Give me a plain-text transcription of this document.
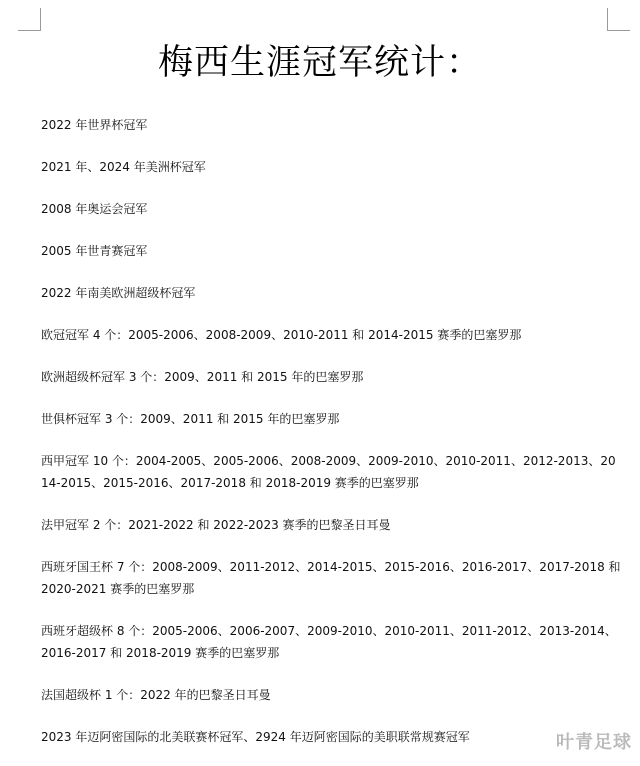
梅西生涯冠军统计：
2022 年世界杯冠军
2021 年、2024 年美洲杯冠军
2008 年奥运会冠军
2005 年世青赛冠军
2022 年南美欧洲超级杯冠军
欧冠冠军 4 个：2005-2006、2008-2009、2010-2011 和 2014-2015 赛季的巴塞罗那
欧洲超级杯冠军 3 个：2009、2011 和 2015 年的巴塞罗那
世俱杯冠军 3 个：2009、2011 和 2015 年的巴塞罗那
西甲冠军 10 个：2004-2005、2005-2006、2008-2009、2009-2010、2010-2011、2012-2013、2014-2015、2015-2016、2017-2018 和 2018-2019 赛季的巴塞罗那
法甲冠军 2 个：2021-2022 和 2022-2023 赛季的巴黎圣日耳曼
西班牙国王杯 7 个：2008-2009、2011-2012、2014-2015、2015-2016、2016-2017、2017-2018 和 2020-2021 赛季的巴塞罗那
西班牙超级杯 8 个：2005-2006、2006-2007、2009-2010、2010-2011、2011-2012、2013-2014、2016-2017 和 2018-2019 赛季的巴塞罗那
法国超级杯 1 个：2022 年的巴黎圣日耳曼
2023 年迈阿密国际的北美联赛杯冠军、2924 年迈阿密国际的美职联常规赛冠军	叶青足球
